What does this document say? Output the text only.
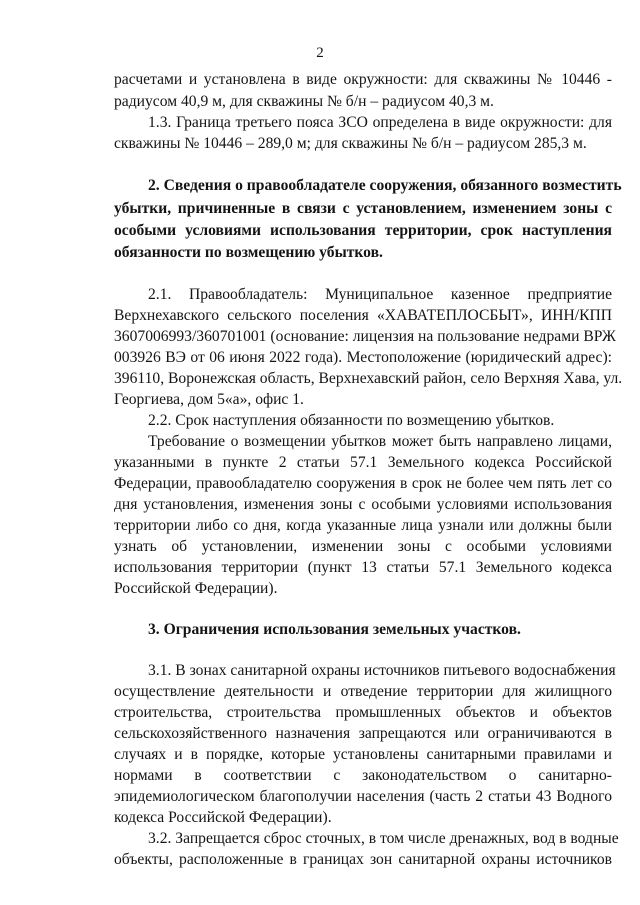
2
расчетами и установлена в виде окружности: для скважины № 10446 -
радиусом 40,9 м, для скважины № б/н – радиусом 40,3 м.
1.3. Граница третьего пояса ЗСО определена в виде окружности: для
скважины № 10446 – 289,0 м; для скважины № б/н – радиусом 285,3 м.
2. Сведения о правообладателе сооружения, обязанного возместить
убытки, причиненные в связи с установлением, изменением зоны с
особыми условиями использования территории, срок наступления
обязанности по возмещению убытков.
2.1. Правообладатель: Муниципальное казенное предприятие
Верхнехавского сельского поселения «ХАВАТЕПЛОСБЫТ», ИНН/КПП
3607006993/360701001 (основание: лицензия на пользование недрами ВРЖ
003926 ВЭ от 06 июня 2022 года). Местоположение (юридический адрес):
396110, Воронежская область, Верхнехавский район, село Верхняя Хава, ул.
Георгиева, дом 5«а», офис 1.
2.2. Срок наступления обязанности по возмещению убытков.
Требование о возмещении убытков может быть направлено лицами,
указанными в пункте 2 статьи 57.1 Земельного кодекса Российской
Федерации, правообладателю сооружения в срок не более чем пять лет со
дня установления, изменения зоны с особыми условиями использования
территории либо со дня, когда указанные лица узнали или должны были
узнать об установлении, изменении зоны с особыми условиями
использования территории (пункт 13 статьи 57.1 Земельного кодекса
Российской Федерации).
3. Ограничения использования земельных участков.
3.1. В зонах санитарной охраны источников питьевого водоснабжения
осуществление деятельности и отведение территории для жилищного
строительства, строительства промышленных объектов и объектов
сельскохозяйственного назначения запрещаются или ограничиваются в
случаях и в порядке, которые установлены санитарными правилами и
нормами в соответствии с законодательством о санитарно-
эпидемиологическом благополучии населения (часть 2 статьи 43 Водного
кодекса Российской Федерации).
3.2. Запрещается сброс сточных, в том числе дренажных, вод в водные
объекты, расположенные в границах зон санитарной охраны источников
